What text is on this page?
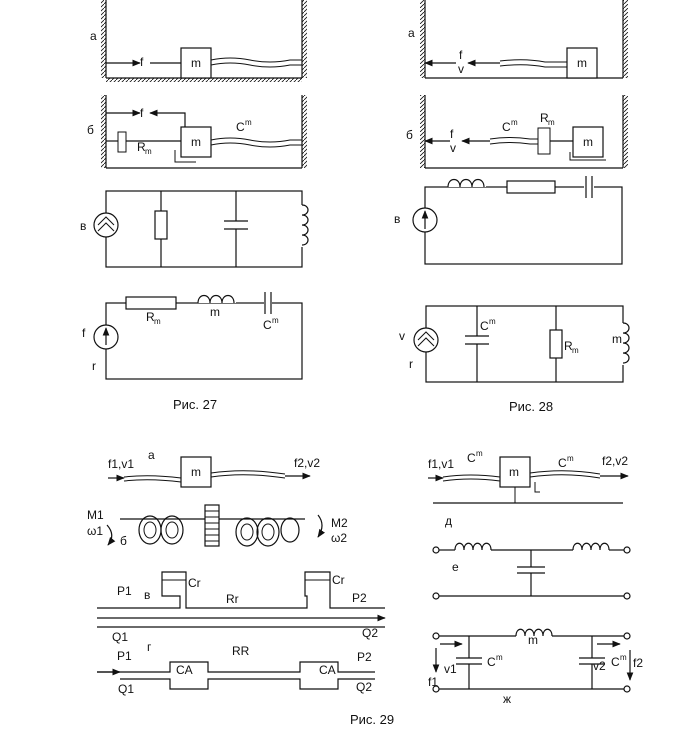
а
f	m
б
f
m
R m
C m
в
f
r
R m
m
C m
Рис. 27
а
f
v	m
б	f
v
C m R m
m
в
v
r
C m
R m
m
Рис. 28
а
f1,v1	f2,v2
m
M1
ω1
б
M2
ω2
P1 в
Q1
Cr	Cr
Rr	P2
Q2
P1
г
CA
RR
CA
P2
Q1	Q2
f1,v1	f2,v2
C m
C m
m
д
е
m
C m	C m
v1
f1
v2 f2
ж
Рис. 29
